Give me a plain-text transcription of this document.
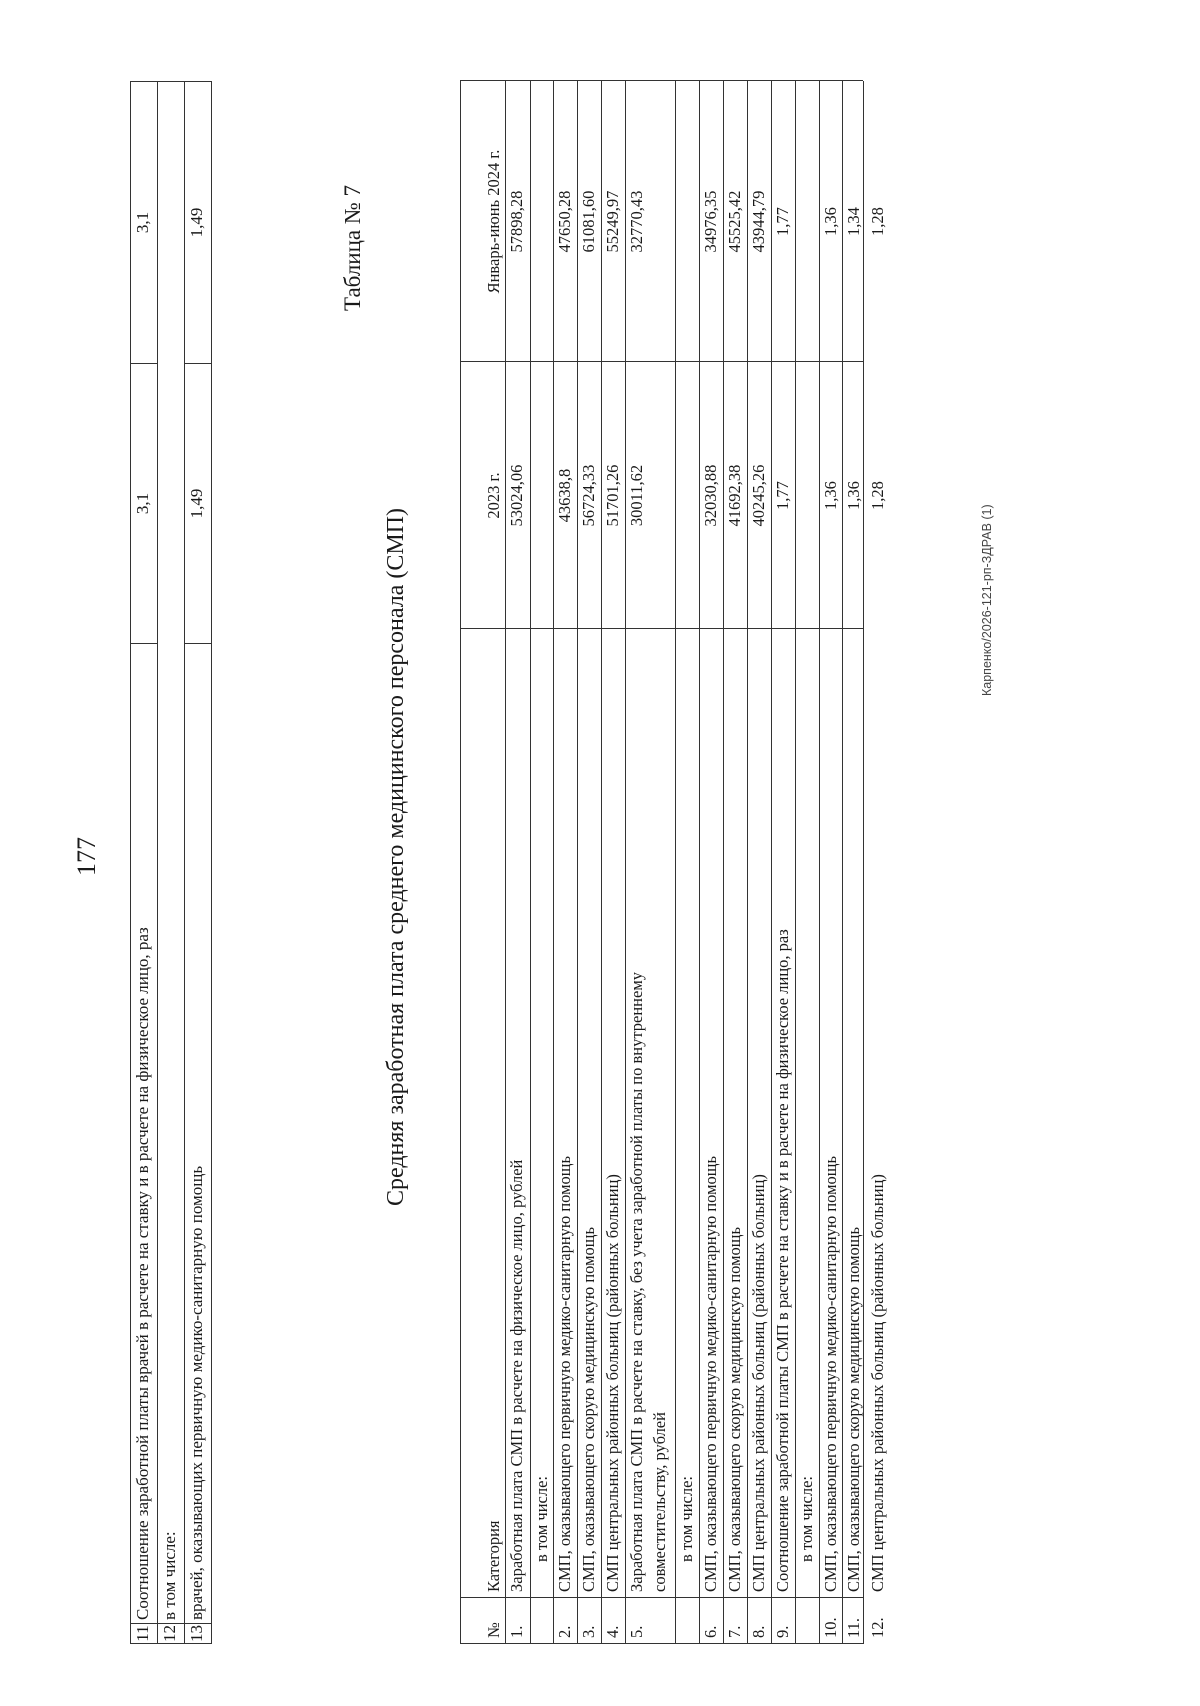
177
11
Соотношение заработной платы врачей в расчете на ставку и в расчете на физическое лицо, раз
3,1
3,1
12
в том числе:
13
врачей, оказывающих первичную медико-санитарную помощь
1,49
1,49	Таблица № 7
Средняя заработная плата среднего медицинского персонала (СМП)
№
Категория
2023 г.
Январь-июнь 2024 г.
1.
Заработная плата СМП в расчете на физическое лицо, рублей
53024,06
57898,28
в том числе:
2.
СМП, оказывающего первичную медико-санитарную помощь
43638,8
47650,28
3.
СМП, оказывающего скорую медицинскую помощь
56724,33
61081,60
4.
СМП центральных районных больниц (районных больниц)
51701,26
55249,97
5.
Заработная плата СМП в расчете на ставку, без учета заработной платы по внутреннему совместительству, рублей
30011,62
32770,43
в том числе:
6.
СМП, оказывающего первичную медико-санитарную помощь
32030,88
34976,35
7.
СМП, оказывающего скорую медицинскую помощь
41692,38
45525,42
8.
СМП центральных районных больниц (районных больниц)
40245,26
43944,79
9.
Соотношение заработной платы СМП в расчете на ставку и в расчете на физическое лицо, раз
1,77
1,77
в том числе:
10.
СМП, оказывающего первичную медико-санитарную помощь
1,36
1,36
11.
СМП, оказывающего скорую медицинскую помощь
1,36
1,34
12.
СМП центральных районных больниц (районных больниц)
1,28
1,28
Карпенко/2026-121-рп-ЗДРАВ (1)
